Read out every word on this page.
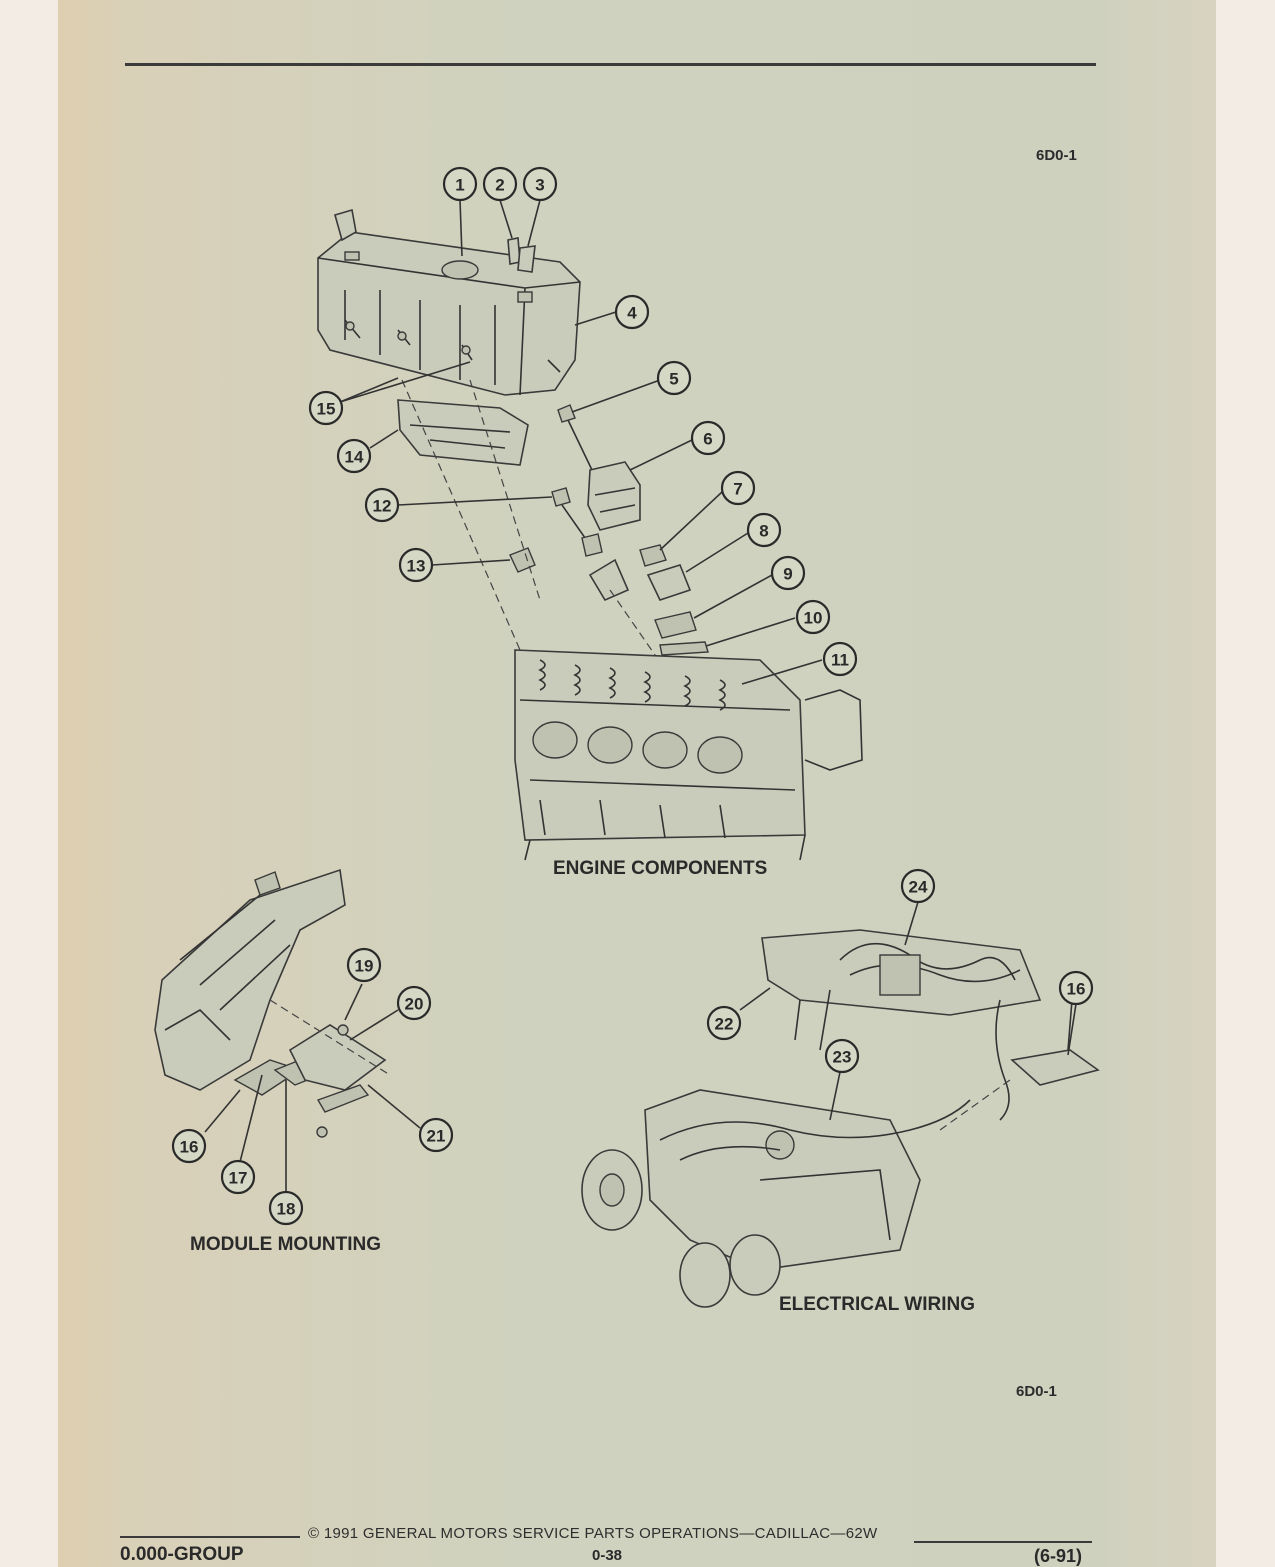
6D0-1
ENGINE COMPONENTS
MODULE MOUNTING
ELECTRICAL WIRING
1 2 3
4
5
6
7
8
9
10
11
12
13
14
15
16
17
18
19
20
21
16
22
23
24
6D0-1
© 1991 GENERAL MOTORS SERVICE PARTS OPERATIONS—CADILLAC—62W
0.000-GROUP	0-38	(6-91)
